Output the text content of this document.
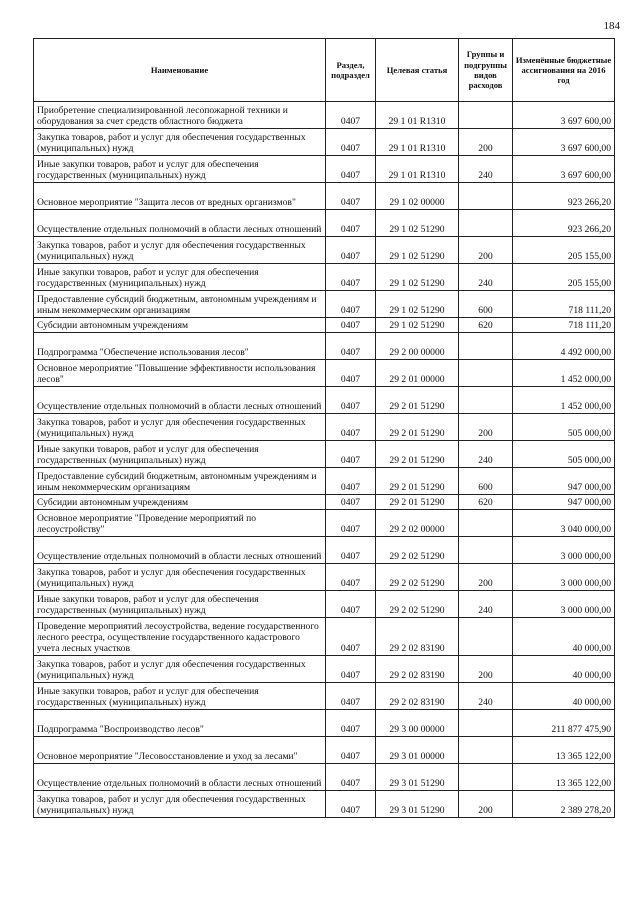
184
Наименование	Раздел, подраздел	Целевая статья	Группы и подгруппы видов расходов	Изменённые бюджетные ассигнования на 2016 год
Приобретение специализированной лесопожарной техники и оборудования за счет средств областного бюджета	0407	29 1 01 R1310		3 697 600,00
Закупка товаров, работ и услуг для обеспечения государственных (муниципальных) нужд	0407	29 1 01 R1310	200	3 697 600,00
Иные закупки товаров, работ и услуг для обеспечения государственных (муниципальных) нужд	0407	29 1 01 R1310	240	3 697 600,00
Основное мероприятие "Защита лесов от вредных организмов"	0407	29 1 02 00000		923 266,20
Осуществление отдельных полномочий в области лесных отношений	0407	29 1 02 51290		923 266,20
Закупка товаров, работ и услуг для обеспечения государственных (муниципальных) нужд	0407	29 1 02 51290	200	205 155,00
Иные закупки товаров, работ и услуг для обеспечения государственных (муниципальных) нужд	0407	29 1 02 51290	240	205 155,00
Предоставление субсидий бюджетным, автономным учреждениям и иным некоммерческим организациям	0407	29 1 02 51290	600	718 111,20
Субсидии автономным учреждениям	0407	29 1 02 51290	620	718 111,20
Подпрограмма "Обеспечение использования лесов"	0407	29 2 00 00000		4 492 000,00
Основное мероприятие "Повышение эффективности использования лесов"	0407	29 2 01 00000		1 452 000,00
Осуществление отдельных полномочий в области лесных отношений	0407	29 2 01 51290		1 452 000,00
Закупка товаров, работ и услуг для обеспечения государственных (муниципальных) нужд	0407	29 2 01 51290	200	505 000,00
Иные закупки товаров, работ и услуг для обеспечения государственных (муниципальных) нужд	0407	29 2 01 51290	240	505 000,00
Предоставление субсидий бюджетным, автономным учреждениям и иным некоммерческим организациям	0407	29 2 01 51290	600	947 000,00
Субсидии автономным учреждениям	0407	29 2 01 51290	620	947 000,00
Основное мероприятие "Проведение мероприятий по лесоустройству"	0407	29 2 02 00000		3 040 000,00
Осуществление отдельных полномочий в области лесных отношений	0407	29 2 02 51290		3 000 000,00
Закупка товаров, работ и услуг для обеспечения государственных (муниципальных) нужд	0407	29 2 02 51290	200	3 000 000,00
Иные закупки товаров, работ и услуг для обеспечения государственных (муниципальных) нужд	0407	29 2 02 51290	240	3 000 000,00
Проведение мероприятий лесоустройства, ведение государственного лесного реестра, осуществление государственного кадастрового учета лесных участков	0407	29 2 02 83190		40 000,00
Закупка товаров, работ и услуг для обеспечения государственных (муниципальных) нужд	0407	29 2 02 83190	200	40 000,00
Иные закупки товаров, работ и услуг для обеспечения государственных (муниципальных) нужд	0407	29 2 02 83190	240	40 000,00
Подпрограмма "Воспроизводство лесов"	0407	29 3 00 00000		211 877 475,90
Основное мероприятие "Лесовосстановление и уход за лесами"	0407	29 3 01 00000		13 365 122,00
Осуществление отдельных полномочий в области лесных отношений	0407	29 3 01 51290		13 365 122,00
Закупка товаров, работ и услуг для обеспечения государственных (муниципальных) нужд	0407	29 3 01 51290	200	2 389 278,20
